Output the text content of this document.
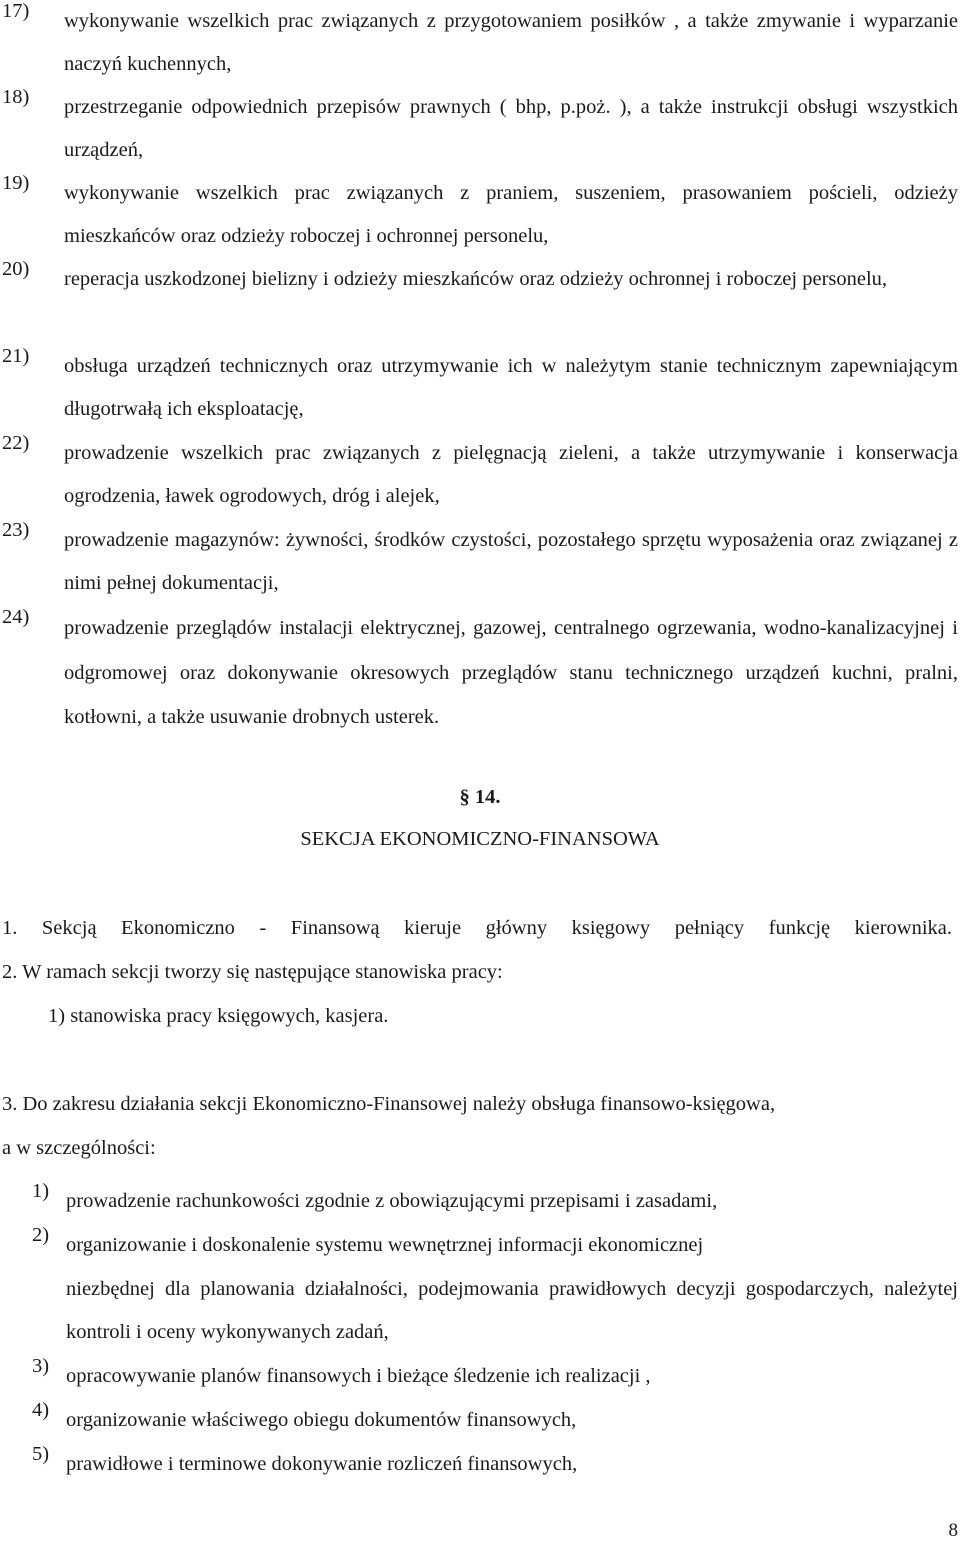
17) wykonywanie wszelkich prac związanych z przygotowaniem posiłków , a także zmywanie i wyparzanie naczyń kuchennych,
18) przestrzeganie odpowiednich przepisów prawnych ( bhp, p.poż. ), a także instrukcji obsługi wszystkich urządzeń,
19) wykonywanie wszelkich prac związanych z praniem, suszeniem, prasowaniem pościeli, odzieży mieszkańców oraz odzieży roboczej i ochronnej personelu,
20) reperacja uszkodzonej bielizny i odzieży mieszkańców oraz odzieży ochronnej i roboczej personelu,
21) obsługa urządzeń technicznych oraz utrzymywanie ich w należytym stanie technicznym zapewniającym długotrwałą ich eksploatację,
22) prowadzenie wszelkich prac związanych z pielęgnacją zieleni, a także utrzymywanie i konserwacja ogrodzenia, ławek ogrodowych, dróg i alejek,
23) prowadzenie magazynów: żywności, środków czystości, pozostałego sprzętu wyposażenia oraz związanej z nimi pełnej dokumentacji,
24) prowadzenie przeglądów instalacji elektrycznej, gazowej, centralnego ogrzewania, wodno-kanalizacyjnej i odgromowej oraz dokonywanie okresowych przeglądów stanu technicznego urządzeń kuchni, pralni, kotłowni, a także usuwanie drobnych usterek.
§ 14.
SEKCJA EKONOMICZNO-FINANSOWA
1. Sekcją Ekonomiczno - Finansową kieruje główny księgowy pełniący funkcję kierownika.
2. W ramach sekcji tworzy się następujące stanowiska pracy:
1) stanowiska pracy księgowych, kasjera.
3. Do zakresu działania sekcji Ekonomiczno-Finansowej należy obsługa finansowo-księgowa,
a w szczególności:
1) prowadzenie rachunkowości zgodnie z obowiązującymi przepisami i zasadami,
2) organizowanie i doskonalenie systemu wewnętrznej informacji ekonomicznej
niezbędnej dla planowania działalności, podejmowania prawidłowych decyzji gospodarczych, należytej kontroli i oceny wykonywanych zadań,
3) opracowywanie planów finansowych i bieżące śledzenie ich realizacji ,
4) organizowanie właściwego obiegu dokumentów finansowych,
5) prawidłowe i terminowe dokonywanie rozliczeń finansowych,
8
